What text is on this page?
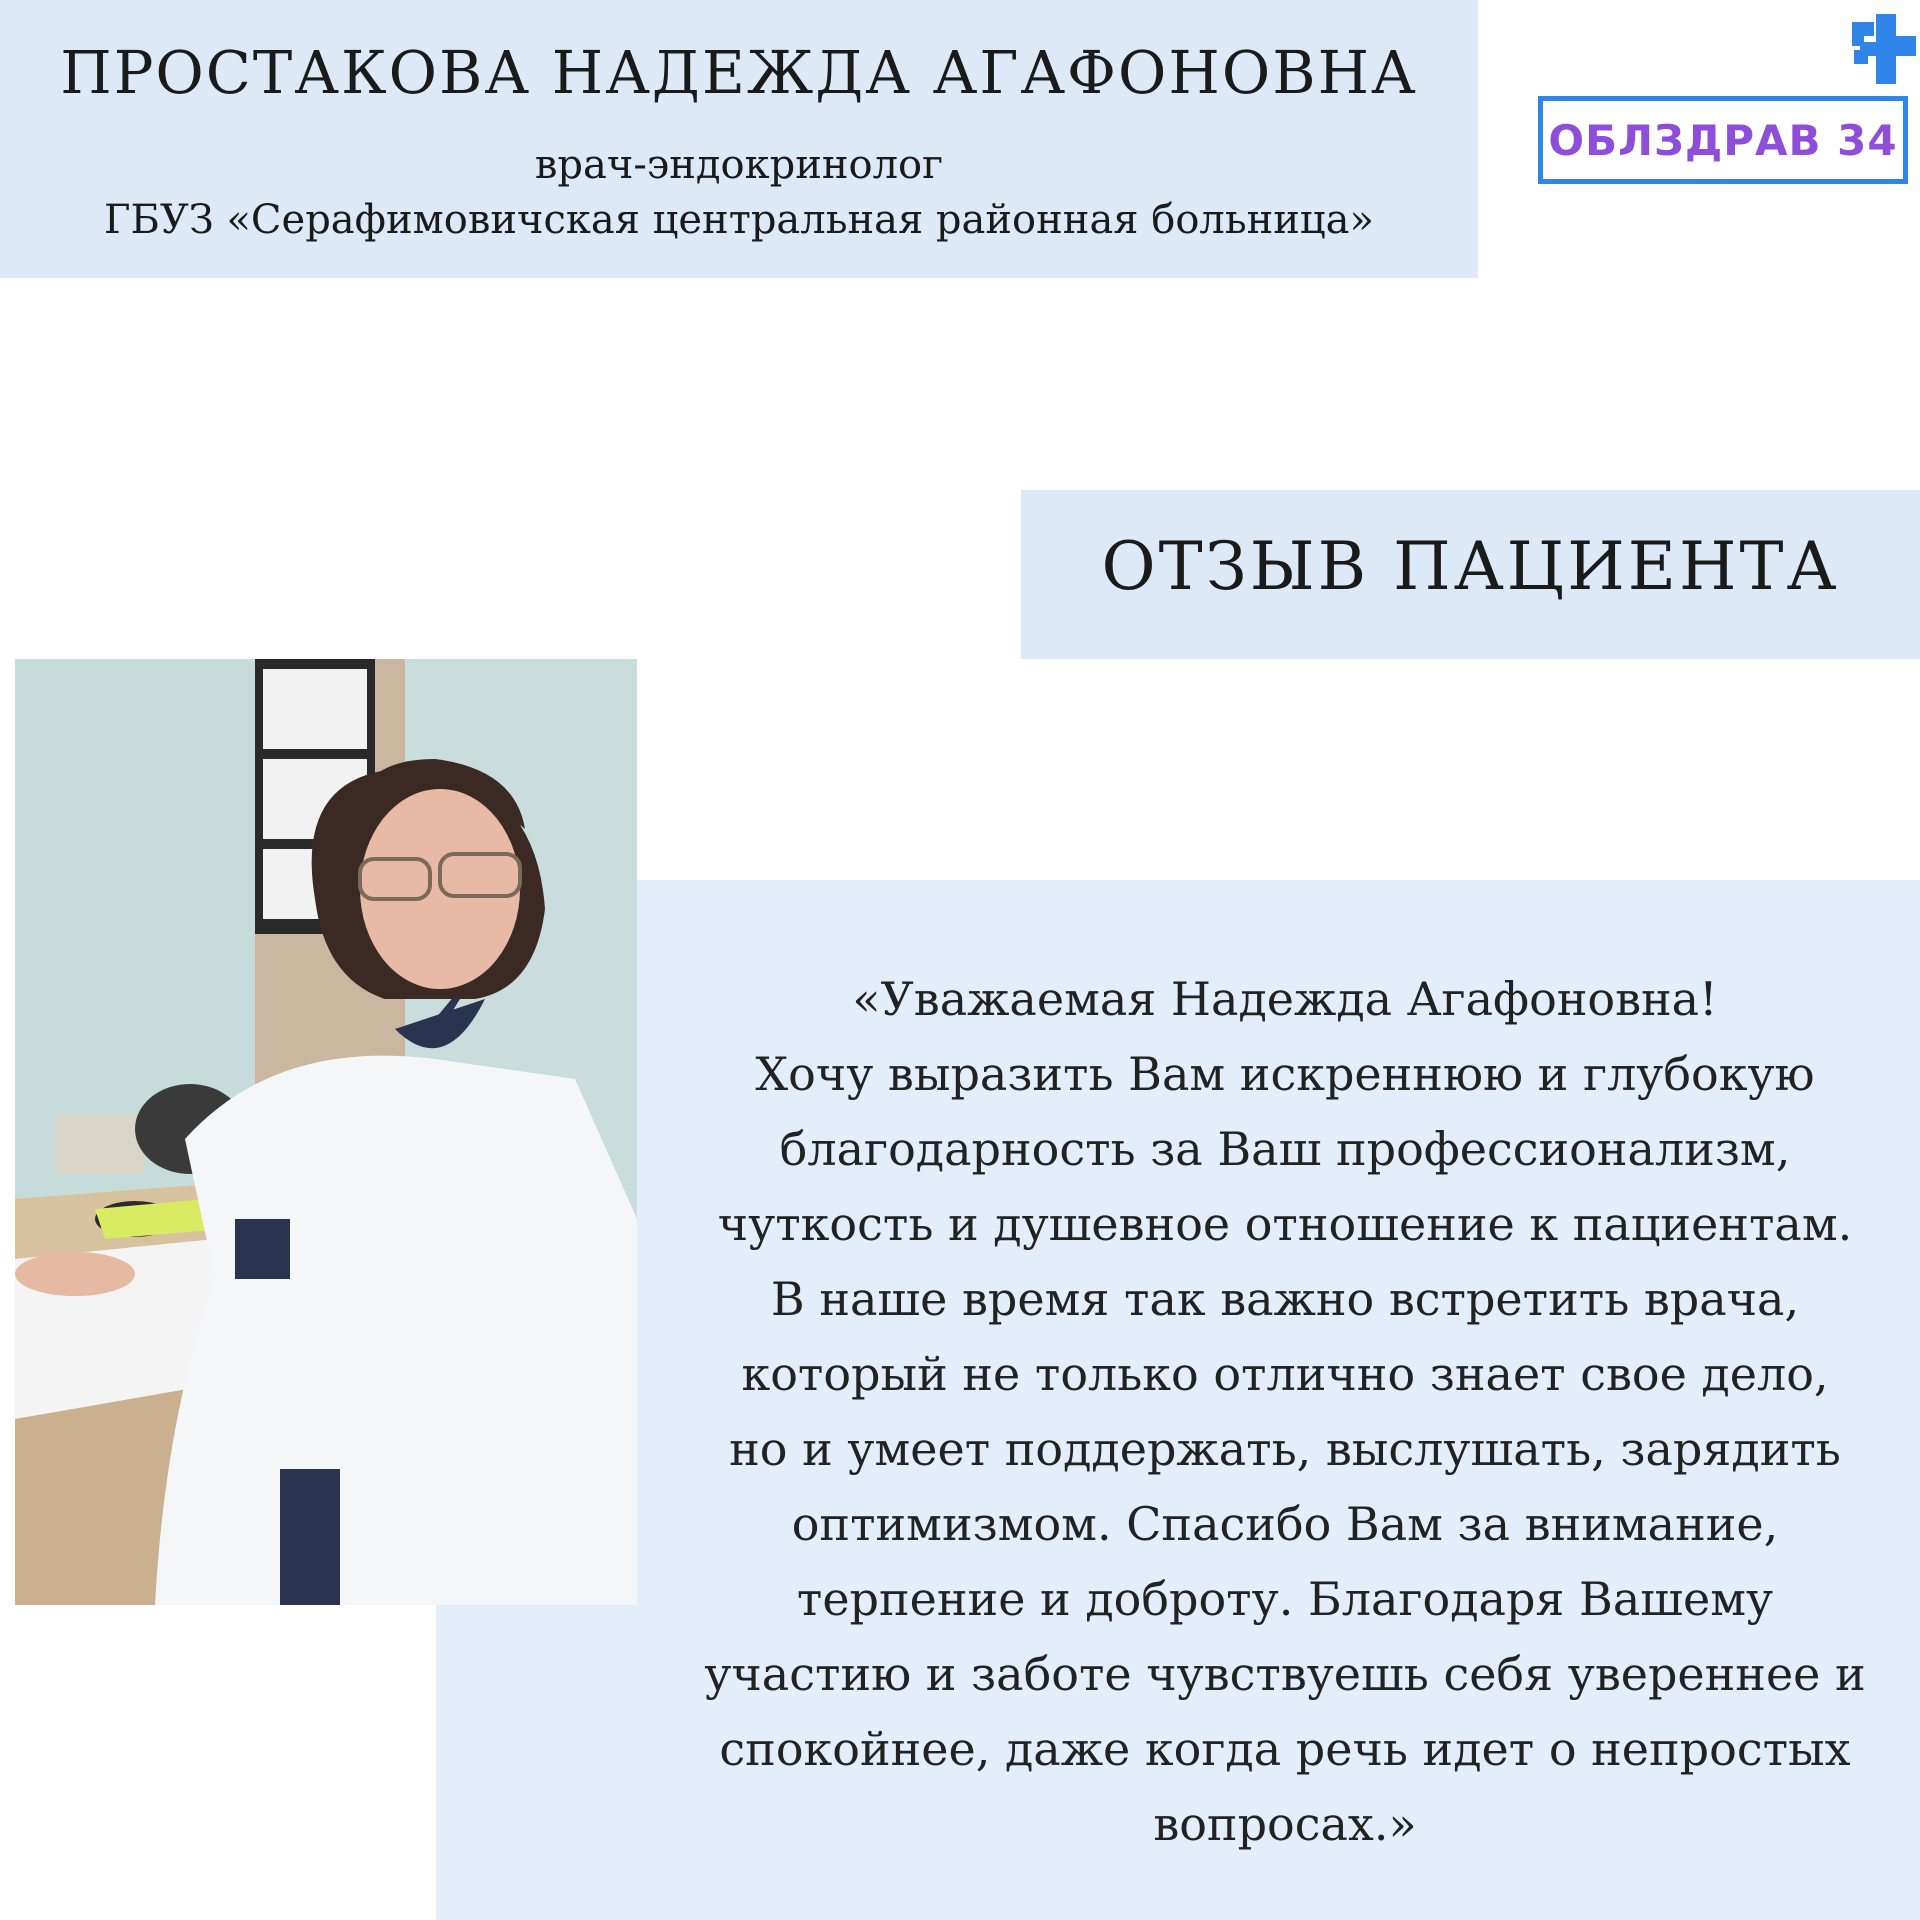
ПРОСТАКОВА НАДЕЖДА АГАФОНОВНА
врач-эндокринолог
ГБУЗ «Серафимовичская центральная районная больница»
ОБЛЗДРАВ 34
ОТЗЫВ ПАЦИЕНТА
«Уважаемая Надежда Агафоновна!
Хочу выразить Вам искреннюю и глубокую
благодарность за Ваш профессионализм,
чуткость и душевное отношение к пациентам.
В наше время так важно встретить врача,
который не только отлично знает свое дело,
но и умеет поддержать, выслушать, зарядить
оптимизмом. Спасибо Вам за внимание,
терпение и доброту. Благодаря Вашему
участию и заботе чувствуешь себя увереннее и
спокойнее, даже когда речь идет о непростых
вопросах.»
